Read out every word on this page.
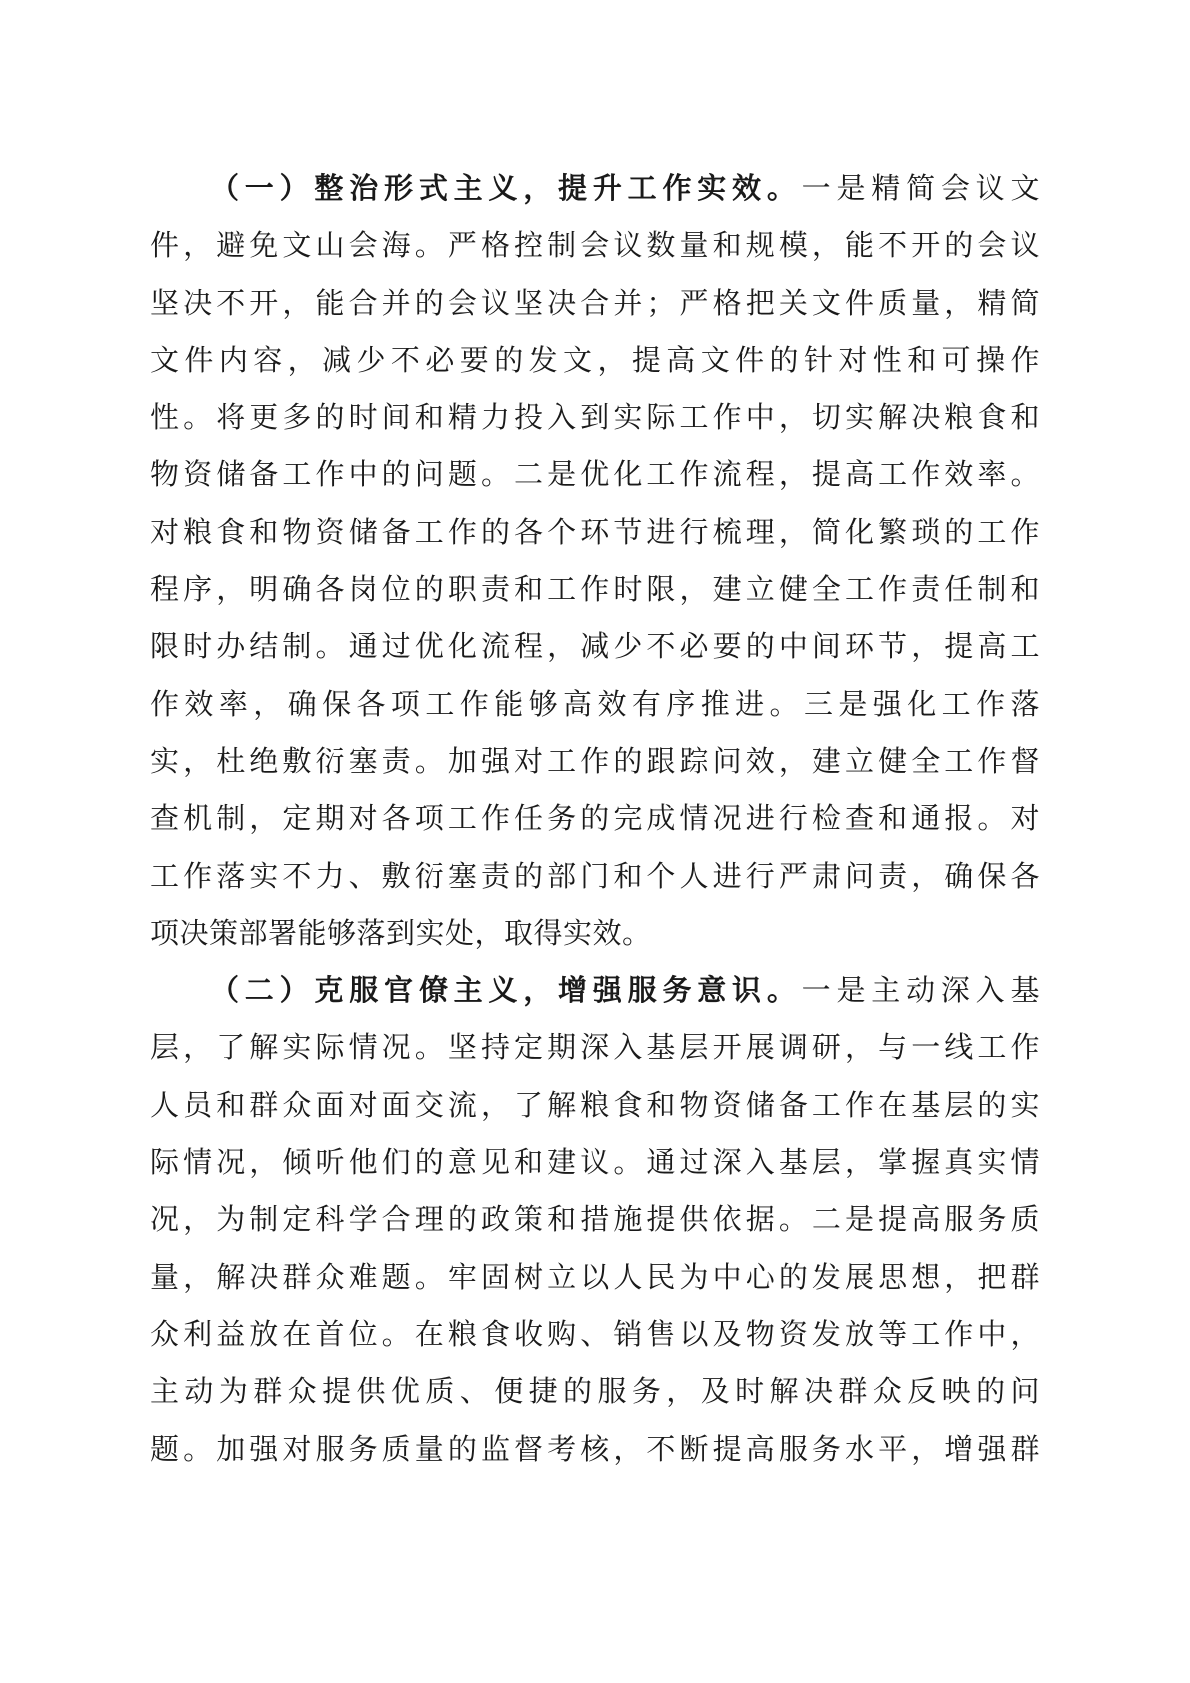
（一）整治形式主义，提升工作实效。一是精简会议文
件，避免文山会海。严格控制会议数量和规模，能不开的会议
坚决不开，能合并的会议坚决合并；严格把关文件质量，精简
文件内容，减少不必要的发文，提高文件的针对性和可操作
性。将更多的时间和精力投入到实际工作中，切实解决粮食和
物资储备工作中的问题。二是优化工作流程，提高工作效率。
对粮食和物资储备工作的各个环节进行梳理，简化繁琐的工作
程序，明确各岗位的职责和工作时限，建立健全工作责任制和
限时办结制。通过优化流程，减少不必要的中间环节，提高工
作效率，确保各项工作能够高效有序推进。三是强化工作落
实，杜绝敷衍塞责。加强对工作的跟踪问效，建立健全工作督
查机制，定期对各项工作任务的完成情况进行检查和通报。对
工作落实不力、敷衍塞责的部门和个人进行严肃问责，确保各
项决策部署能够落到实处，取得实效。
（二）克服官僚主义，增强服务意识。一是主动深入基
层，了解实际情况。坚持定期深入基层开展调研，与一线工作
人员和群众面对面交流，了解粮食和物资储备工作在基层的实
际情况，倾听他们的意见和建议。通过深入基层，掌握真实情
况，为制定科学合理的政策和措施提供依据。二是提高服务质
量，解决群众难题。牢固树立以人民为中心的发展思想，把群
众利益放在首位。在粮食收购、销售以及物资发放等工作中，
主动为群众提供优质、便捷的服务，及时解决群众反映的问
题。加强对服务质量的监督考核，不断提高服务水平，增强群
